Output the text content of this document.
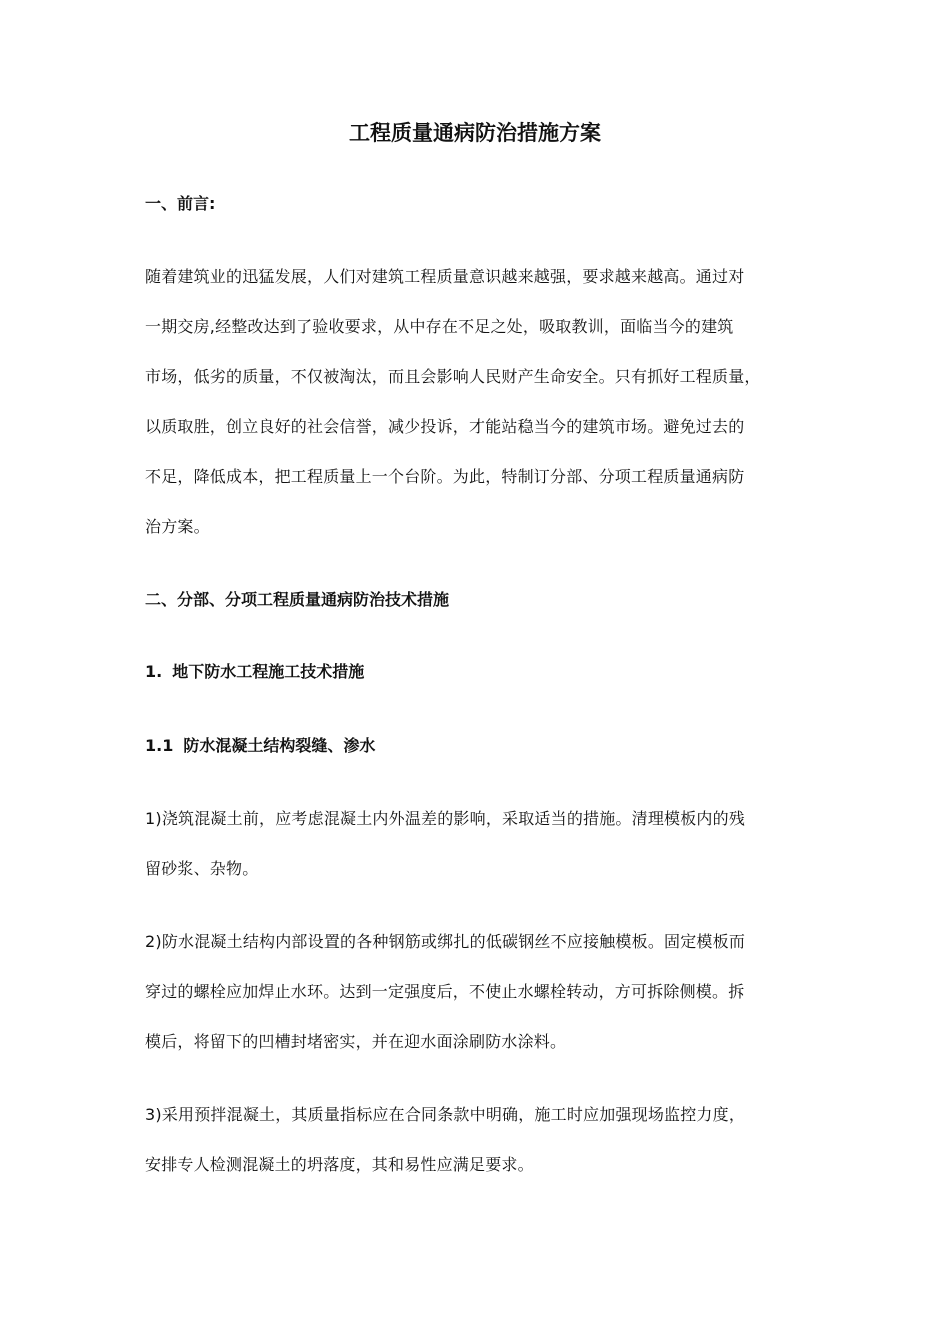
工程质量通病防治措施方案
一、前言:
随着建筑业的迅猛发展，人们对建筑工程质量意识越来越强，要求越来越高。通过对
一期交房,经整改达到了验收要求，从中存在不足之处，吸取教训，面临当今的建筑
市场，低劣的质量，不仅被淘汰，而且会影响人民财产生命安全。只有抓好工程质量，
以质取胜，创立良好的社会信誉，减少投诉，才能站稳当今的建筑市场。避免过去的
不足，降低成本，把工程质量上一个台阶。为此，特制订分部、分项工程质量通病防
治方案。
二、分部、分项工程质量通病防治技术措施
1. 地下防水工程施工技术措施
1.1 防水混凝土结构裂缝、渗水
1)浇筑混凝土前，应考虑混凝土内外温差的影响，采取适当的措施。清理模板内的残
留砂浆、杂物。
2)防水混凝土结构内部设置的各种钢筋或绑扎的低碳钢丝不应接触模板。固定模板而
穿过的螺栓应加焊止水环。达到一定强度后，不使止水螺栓转动，方可拆除侧模。拆
模后，将留下的凹槽封堵密实，并在迎水面涂刷防水涂料。
3)采用预拌混凝土，其质量指标应在合同条款中明确，施工时应加强现场监控力度，
安排专人检测混凝土的坍落度，其和易性应满足要求。
